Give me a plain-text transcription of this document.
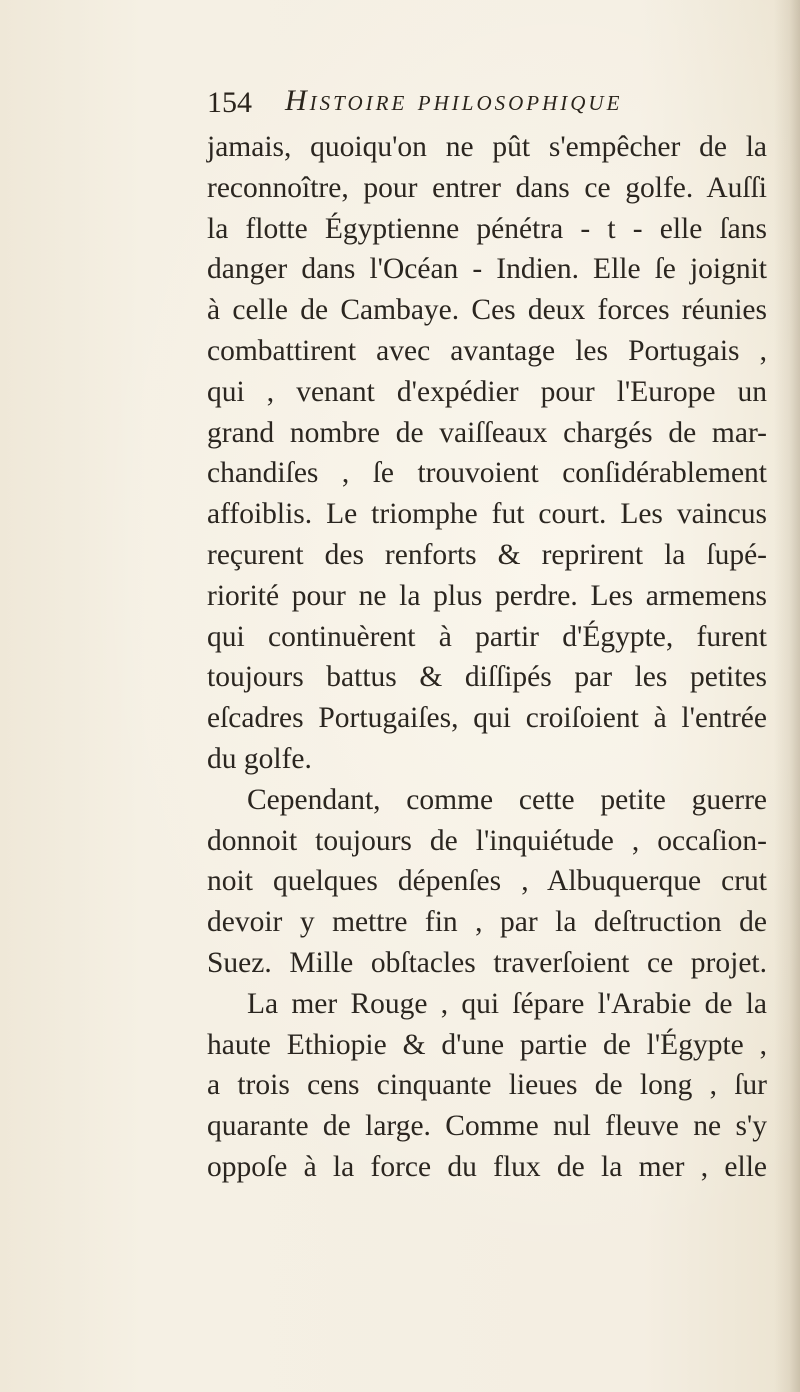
154 Histoire philosophique
jamais, quoiqu'on ne pût s'empêcher de la
reconnoître, pour entrer dans ce golfe. Auſſi
la flotte Égyptienne pénétra - t - elle ſans
danger dans l'Océan - Indien. Elle ſe joignit
à celle de Cambaye. Ces deux forces réunies
combattirent avec avantage les Portugais ,
qui , venant d'expédier pour l'Europe un
grand nombre de vaiſſeaux chargés de mar-
chandiſes , ſe trouvoient conſidérablement
affoiblis. Le triomphe fut court. Les vaincus
reçurent des renforts & reprirent la ſupé-
riorité pour ne la plus perdre. Les armemens
qui continuèrent à partir d'Égypte, furent
toujours battus & diſſipés par les petites
eſcadres Portugaiſes, qui croiſoient à l'entrée
du golfe.
Cependant, comme cette petite guerre
donnoit toujours de l'inquiétude , occaſion-
noit quelques dépenſes , Albuquerque crut
devoir y mettre fin , par la deſtruction de
Suez. Mille obſtacles traverſoient ce projet.
La mer Rouge , qui ſépare l'Arabie de la
haute Ethiopie & d'une partie de l'Égypte ,
a trois cens cinquante lieues de long , ſur
quarante de large. Comme nul fleuve ne s'y
oppoſe à la force du flux de la mer , elle
